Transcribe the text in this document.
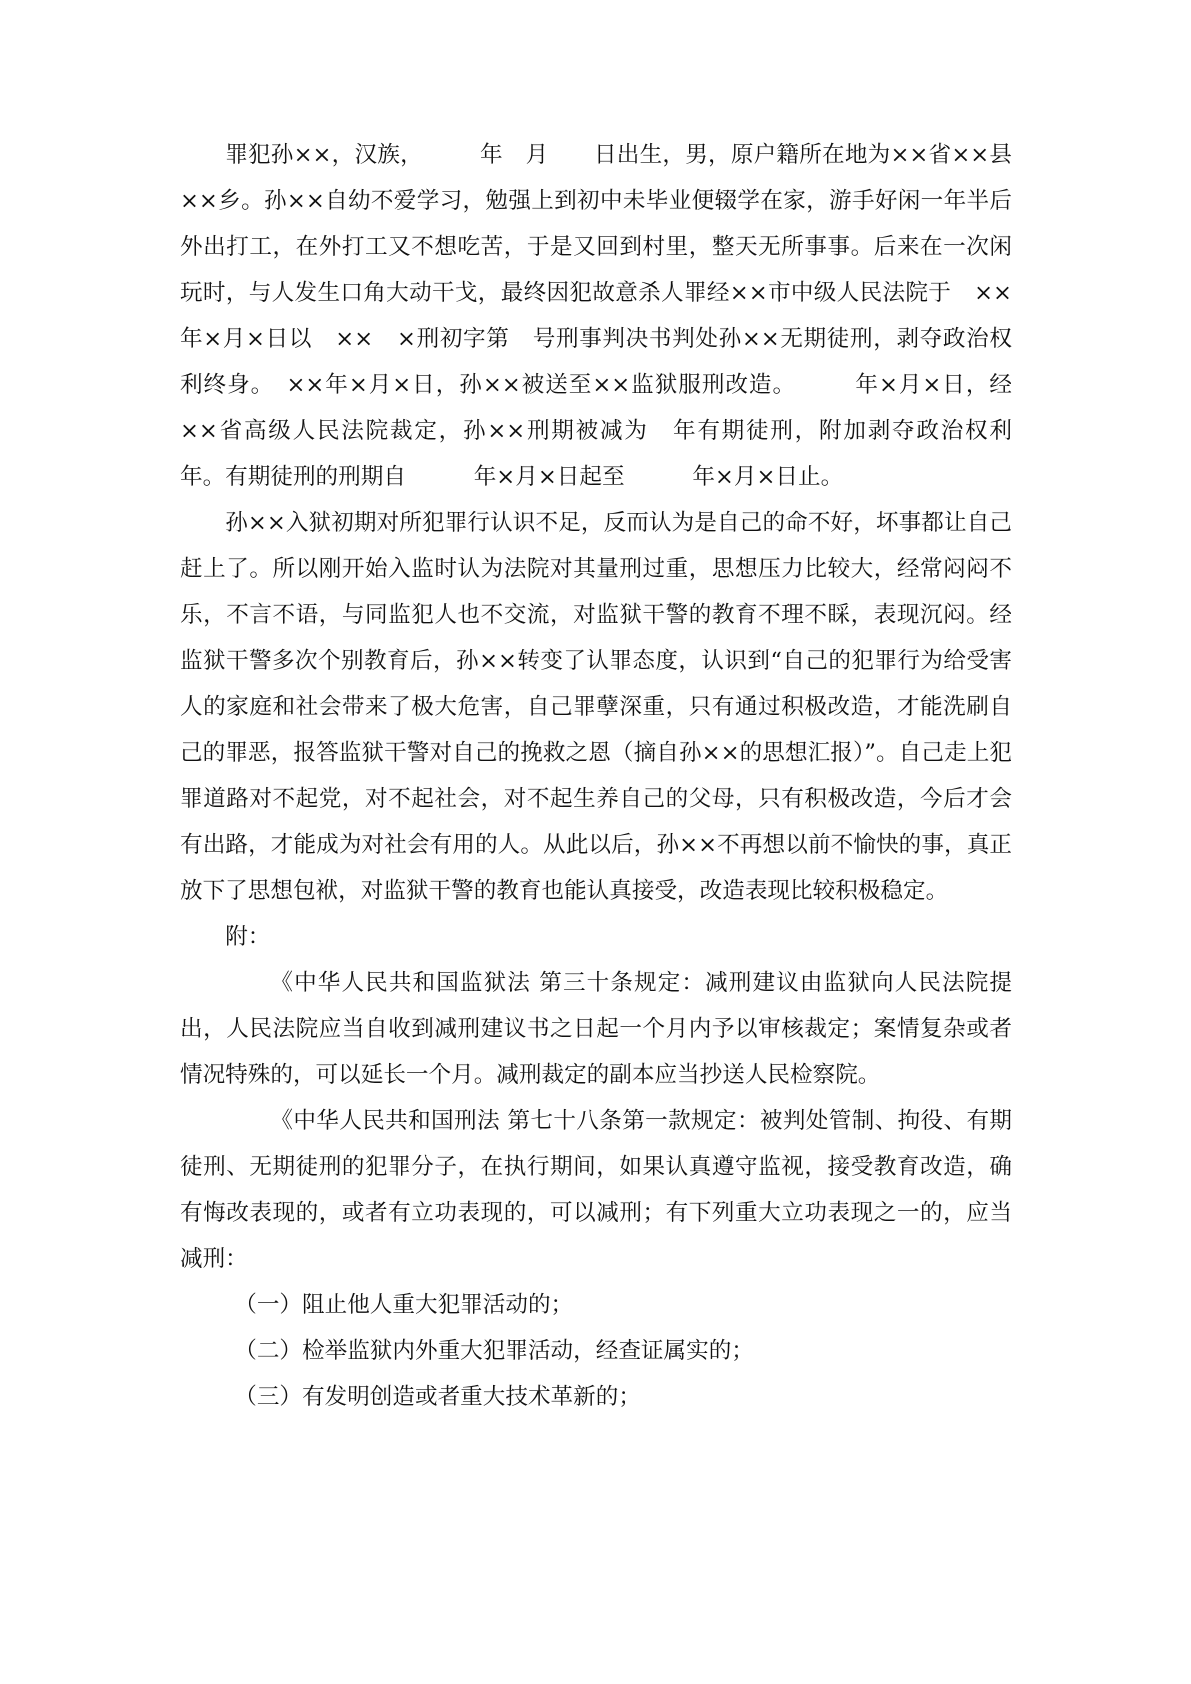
罪犯孙××，汉族，　　　年　月　　日出生，男，原户籍所在地为××省××县××乡。孙××自幼不爱学习，勉强上到初中未毕业便辍学在家，游手好闲一年半后外出打工，在外打工又不想吃苦，于是又回到村里，整天无所事事。后来在一次闲玩时，与人发生口角大动干戈，最终因犯故意杀人罪经××市中级人民法院于　××年×月×日以　××　×刑初字第　号刑事判决书判处孙××无期徒刑，剥夺政治权利终身。　××年×月×日，孙××被送至××监狱服刑改造。　　　年×月×日，经××省高级人民法院裁定，孙××刑期被减为　年有期徒刑，附加剥夺政治权利　年。有期徒刑的刑期自　　　年×月×日起至　　　年×月×日止。

孙××入狱初期对所犯罪行认识不足，反而认为是自己的命不好，坏事都让自己赶上了。所以刚开始入监时认为法院对其量刑过重，思想压力比较大，经常闷闷不乐，不言不语，与同监犯人也不交流，对监狱干警的教育不理不睬，表现沉闷。经监狱干警多次个别教育后，孙××转变了认罪态度，认识到“自己的犯罪行为给受害人的家庭和社会带来了极大危害，自己罪孽深重，只有通过积极改造，才能洗刷自己的罪恶，报答监狱干警对自己的挽救之恩（摘自孙××的思想汇报）”。自己走上犯罪道路对不起党，对不起社会，对不起生养自己的父母，只有积极改造，今后才会有出路，才能成为对社会有用的人。从此以后，孙××不再想以前不愉快的事，真正放下了思想包袱，对监狱干警的教育也能认真接受，改造表现比较积极稳定。

附：

《中华人民共和国监狱法 第三十条规定：减刑建议由监狱向人民法院提出，人民法院应当自收到减刑建议书之日起一个月内予以审核裁定；案情复杂或者情况特殊的，可以延长一个月。减刑裁定的副本应当抄送人民检察院。

《中华人民共和国刑法 第七十八条第一款规定：被判处管制、拘役、有期徒刑、无期徒刑的犯罪分子，在执行期间，如果认真遵守监视，接受教育改造，确有悔改表现的，或者有立功表现的，可以减刑；有下列重大立功表现之一的，应当减刑：

（一）阻止他人重大犯罪活动的；

（二）检举监狱内外重大犯罪活动，经查证属实的；

（三）有发明创造或者重大技术革新的；
